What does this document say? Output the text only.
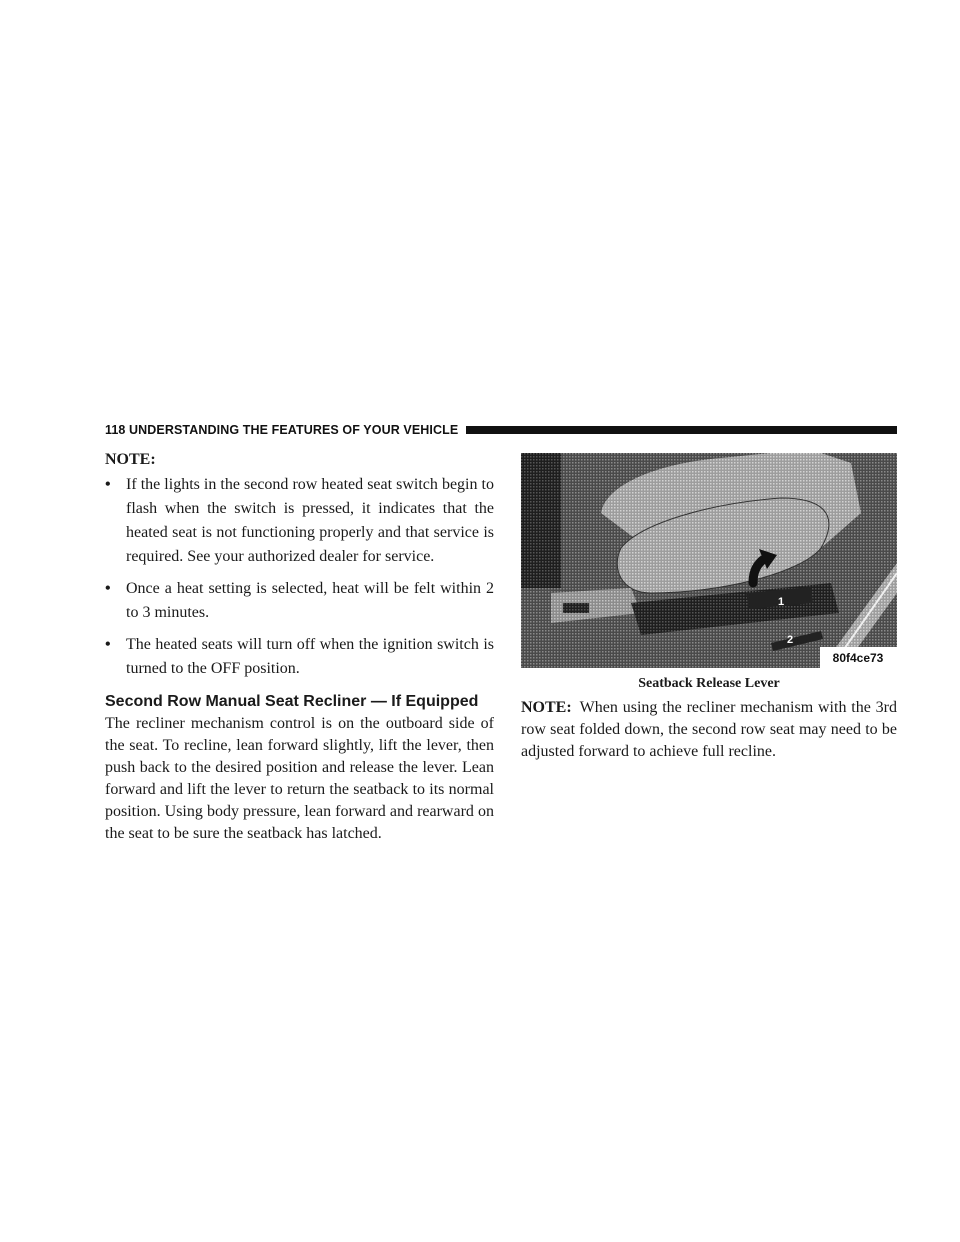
118 UNDERSTANDING THE FEATURES OF YOUR VEHICLE
NOTE:
• If the lights in the second row heated seat switch begin to flash when the switch is pressed, it indicates that the heated seat is not functioning properly and that service is required. See your authorized dealer for service.
• Once a heat setting is selected, heat will be felt within 2 to 3 minutes.
• The heated seats will turn off when the ignition switch is turned to the OFF position.
Second Row Manual Seat Recliner — If Equipped

The recliner mechanism control is on the outboard side of the seat. To recline, lean forward slightly, lift the lever, then push back to the desired position and release the lever. Lean forward and lift the lever to return the seatback to its normal position. Using body pressure, lean forward and rearward on the seat to be sure the seatback has latched.

80f4ce73
1
2
Seatback Release Lever

NOTE: When using the recliner mechanism with the 3rd row seat folded down, the second row seat may need to be adjusted forward to achieve full recline.
